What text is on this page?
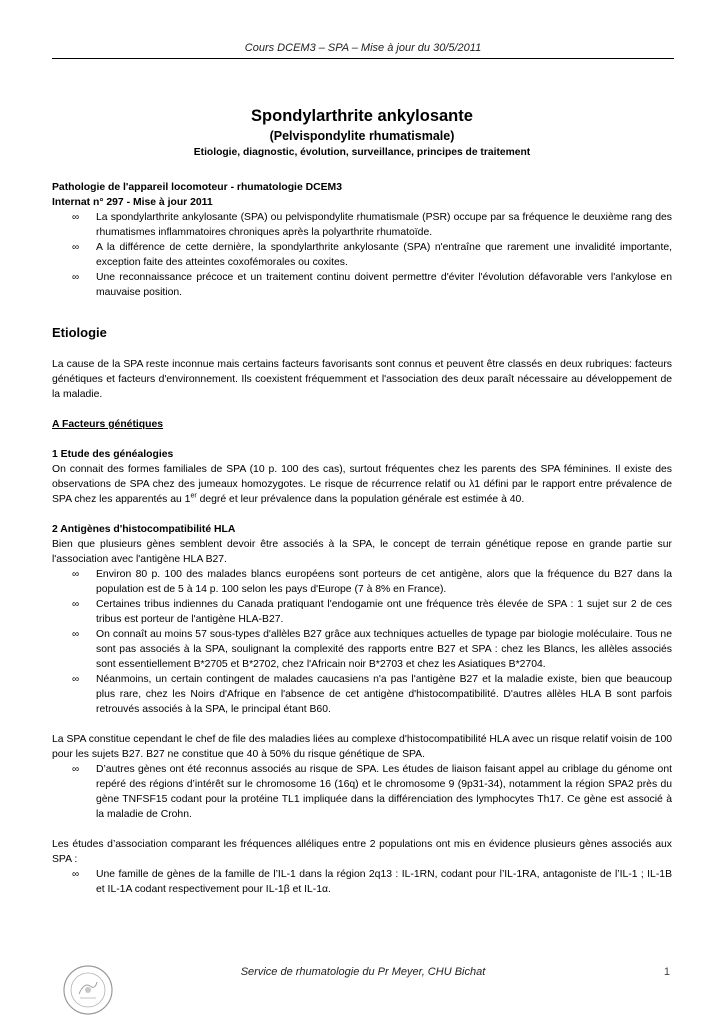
Cours DCEM3 – SPA – Mise à jour du 30/5/2011
Spondylarthrite ankylosante
(Pelvispondylite rhumatismale)
Etiologie, diagnostic, évolution, surveillance, principes de traitement
Pathologie de l'appareil locomoteur - rhumatologie DCEM3
Internat n° 297 - Mise à jour 2011
∞ La spondylarthrite ankylosante (SPA) ou pelvispondylite rhumatismale (PSR) occupe par sa fréquence le deuxième rang des rhumatismes inflammatoires chroniques après la polyarthrite rhumatoïde.
∞ A la différence de cette dernière, la spondylarthrite ankylosante (SPA) n'entraîne que rarement une invalidité importante, exception faite des atteintes coxofémorales ou coxites.
∞ Une reconnaissance précoce et un traitement continu doivent permettre d'éviter l'évolution défavorable vers l'ankylose en mauvaise position.
Etiologie

La cause de la SPA reste inconnue mais certains facteurs favorisants sont connus et peuvent être classés en deux rubriques: facteurs génétiques et facteurs d'environnement. Ils coexistent fréquemment et l'association des deux paraît nécessaire au développement de la maladie.

A Facteurs génétiques
1 Etude des généalogies

On connait des formes familiales de SPA (10 p. 100 des cas), surtout fréquentes chez les parents des SPA féminines. Il existe des observations de SPA chez des jumeaux homozygotes. Le risque de récurrence relatif ou λ1 défini par le rapport entre prévalence de SPA chez les apparentés au 1er degré et leur prévalence dans la population générale est estimée à 40.

2 Antigènes d'histocompatibilité HLA

Bien que plusieurs gènes semblent devoir être associés à la SPA, le concept de terrain génétique repose en grande partie sur l'association avec l'antigène HLA B27.

∞ Environ 80 p. 100 des malades blancs européens sont porteurs de cet antigène, alors que la fréquence du B27 dans la population est de 5 à 14 p. 100 selon les pays d'Europe (7 à 8% en France).
∞ Certaines tribus indiennes du Canada pratiquant l'endogamie ont une fréquence très élevée de SPA : 1 sujet sur 2 de ces tribus est porteur de l'antigène HLA-B27.
∞ On connaît au moins 57 sous-types d'allèles B27 grâce aux techniques actuelles de typage par biologie moléculaire. Tous ne sont pas associés à la SPA, soulignant la complexité des rapports entre B27 et SPA : chez les Blancs, les allèles associés sont essentiellement B*2705 et B*2702, chez l'Africain noir B*2703 et chez les Asiatiques B*2704.
∞ Néanmoins, un certain contingent de malades caucasiens n'a pas l'antigène B27 et la maladie existe, bien que beaucoup plus rare, chez les Noirs d'Afrique en l'absence de cet antigène d'histocompatibilité. D'autres allèles HLA B sont parfois retrouvés associés à la SPA, le principal étant B60.

La SPA constitue cependant le chef de file des maladies liées au complexe d'histocompatibilité HLA avec un risque relatif voisin de 100 pour les sujets B27. B27 ne constitue que 40 à 50% du risque génétique de SPA.

∞ D’autres gènes ont été reconnus associés au risque de SPA. Les études de liaison faisant appel au criblage du génome ont repéré des régions d’intérêt sur le chromosome 16 (16q) et le chromosome 9 (9p31-34), notamment la région SPA2 près du gène TNFSF15 codant pour la protéine TL1 impliquée dans la différenciation des lymphocytes Th17. Ce gène est associé à la maladie de Crohn.

Les études d’association comparant les fréquences alléliques entre 2 populations ont mis en évidence plusieurs gènes associés aux SPA :

∞ Une famille de gènes de la famille de l’IL-1 dans la région 2q13 : IL-1RN, codant pour l’IL-1RA, antagoniste de l’IL-1 ; IL-1B et IL-1A codant respectivement pour IL-1β et IL-1α.
Service de rhumatologie du Pr Meyer, CHU Bichat	1
